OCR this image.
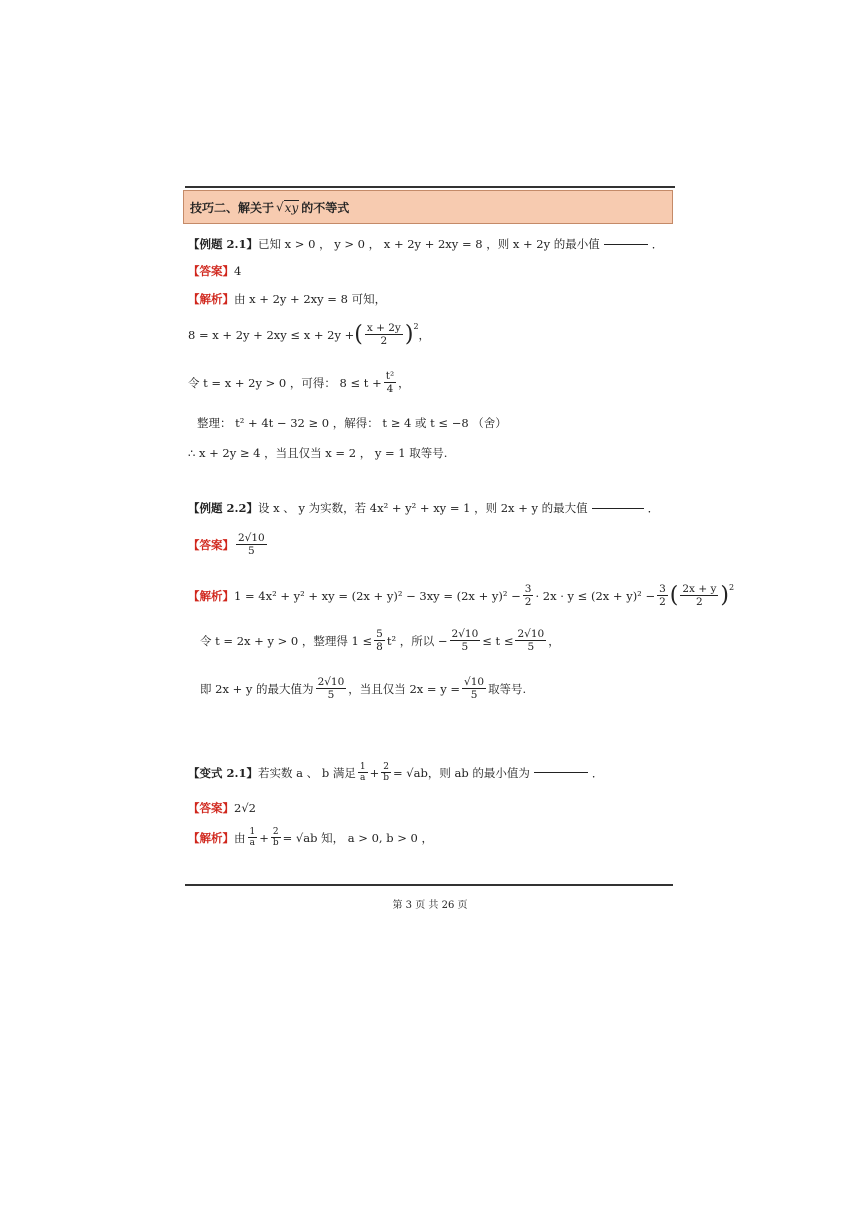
技巧二、解关于 √ xy 的不等式
【例题 2.1】 已知 x > 0 ， y > 0 ， x + 2y + 2xy = 8 ，则 x + 2y 的最小值	．
【答案】 4
【解析】 由 x + 2y + 2xy = 8 可知，
8 = x + 2y + 2xy ≤ x + 2y + ( $\frac{x + 2y}{2} )^2$
，
令 t = x + 2y > 0 ，可得： $8 \le t + \frac{\text{t²}}{4}$ ，
整理： t² + 4t − 32 ≥ 0 ，解得： t ≥ 4 或 t ≤ −8 （舍）
∴ x + 2y ≥ 4 ，当且仅当 x = 2 ， y = 1 取等号.
【例题 2.2】 设 x 、 y 为实数，若 4x² + y² + xy = 1 ，则 2x + y 的最大值	．
【答案】 $\frac{2√10}{5}$
【解析】 1 = 4x² + y² + xy = $(2x + y)^2 - 3xy = (2x + y)^2 - \frac{3}{2} \cdot 2x \cdot y \le (2x + y)^2 - \frac{3}{2}$ ( $\frac{2x + y}{2} )^2$
令 t = 2x + y > 0 ，整理得 $1 \le \frac{5}{8} t^2$ ，所以 − $\frac{2√10}{5} \le t \le \frac{2√10}{5}$ ，
即 2x + y 的最大值为 $\frac{2√10}{5}$ ，当且仅当 $2x = y = \frac{√10}{5}$ 取等号.
【变式 2.1】 若实数 a 、 b 满足 $\frac{1}{a} + \frac{2}{b} = √ab$ ，则 ab 的最小值为	．
【答案】 2√2
【解析】 由 $\frac{1}{a} + \frac{2}{b} = √ab$ 知， a > 0, b > 0 ，
第 3 页 共 26 页
